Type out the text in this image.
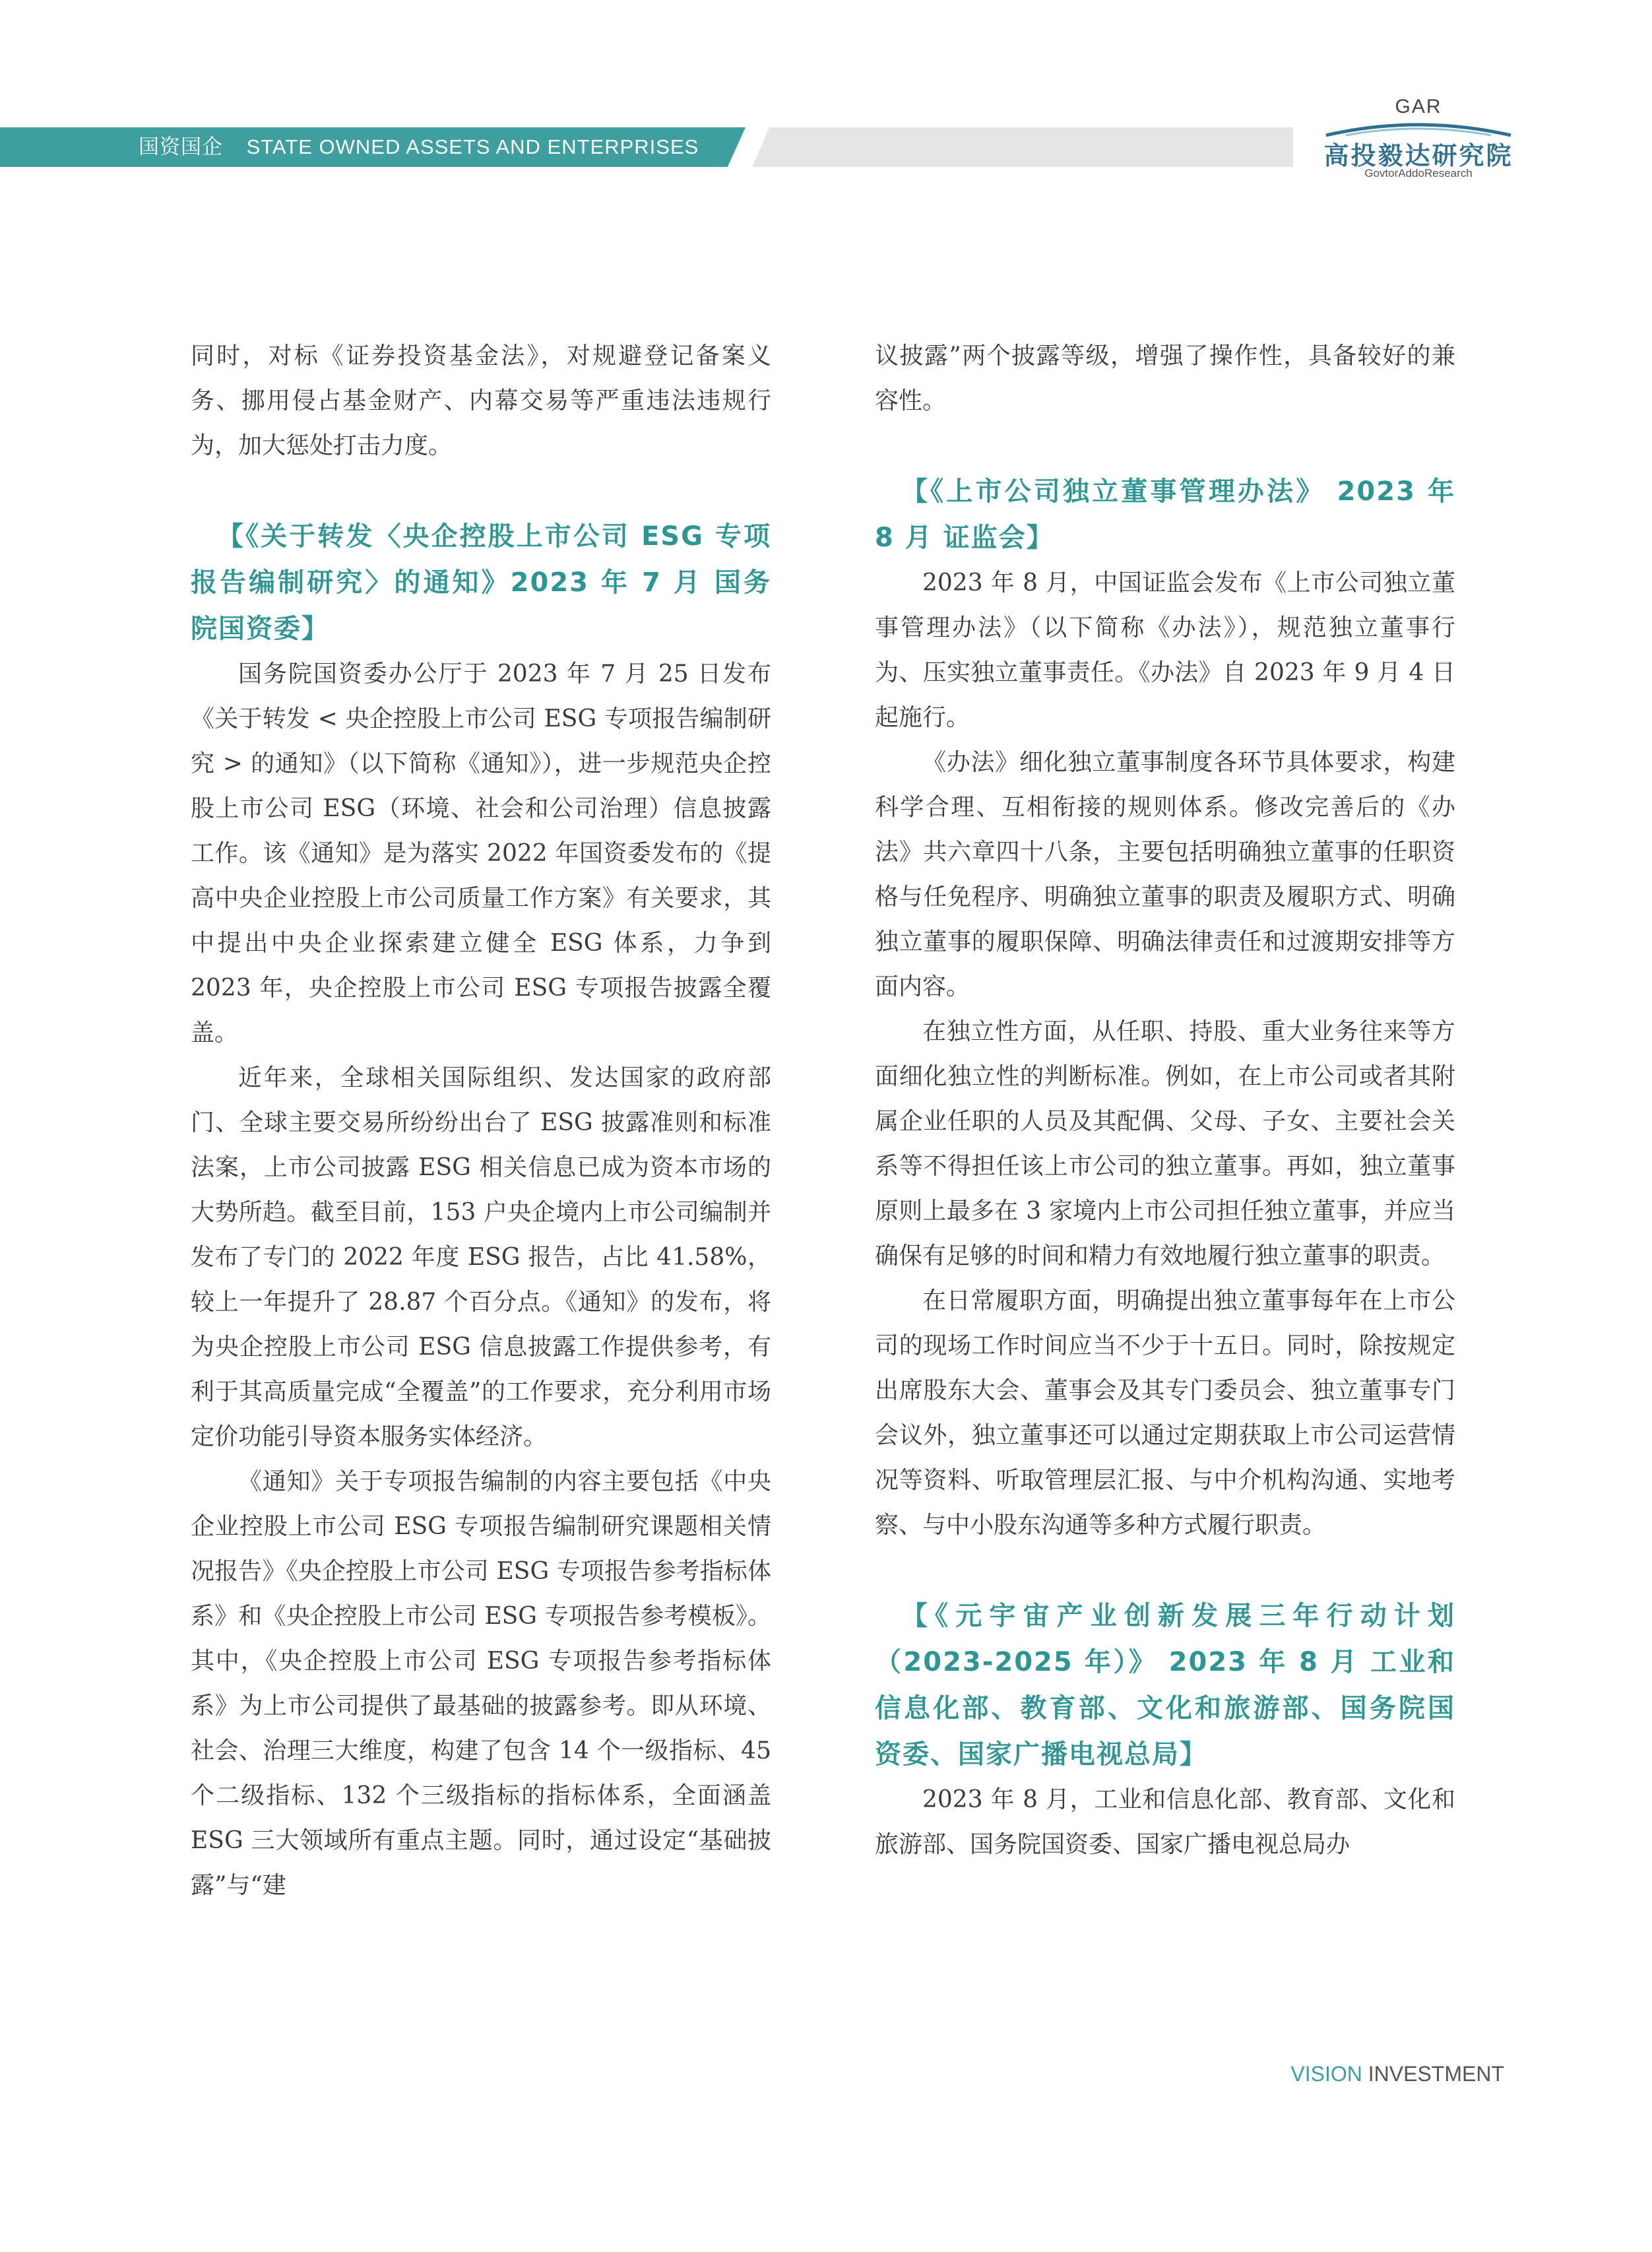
国资国企 STATE OWNED ASSETS AND ENTERPRISES
GAR
高投毅达研究院
GovtorAddoResearch

同时，对标《证券投资基金法》，对规避登记备案义务、挪用侵占基金财产、内幕交易等严重违法违规行为，加大惩处打击力度。

【《关于转发〈央企控股上市公司 ESG 专项报告编制研究〉的通知》2023 年 7 月 国务院国资委】

国务院国资委办公厅于 2023 年 7 月 25 日发布《关于转发 < 央企控股上市公司 ESG 专项报告编制研究 > 的通知》（以下简称《通知》），进一步规范央企控股上市公司 ESG（环境、社会和公司治理）信息披露工作。该《通知》是为落实 2022 年国资委发布的《提高中央企业控股上市公司质量工作方案》有关要求，其中提出中央企业探索建立健全 ESG 体系，力争到 2023 年，央企控股上市公司 ESG 专项报告披露全覆盖。

近年来，全球相关国际组织、发达国家的政府部门、全球主要交易所纷纷出台了 ESG 披露准则和标准法案，上市公司披露 ESG 相关信息已成为资本市场的大势所趋。截至目前，153 户央企境内上市公司编制并发布了专门的 2022 年度 ESG 报告，占比 41.58%，较上一年提升了 28.87 个百分点。《通知》的发布，将为央企控股上市公司 ESG 信息披露工作提供参考，有利于其高质量完成“全覆盖”的工作要求，充分利用市场定价功能引导资本服务实体经济。

《通知》关于专项报告编制的内容主要包括《中央企业控股上市公司 ESG 专项报告编制研究课题相关情况报告》《央企控股上市公司 ESG 专项报告参考指标体系》和《央企控股上市公司 ESG 专项报告参考模板》。其中，《央企控股上市公司 ESG 专项报告参考指标体系》为上市公司提供了最基础的披露参考。即从环境、社会、治理三大维度，构建了包含 14 个一级指标、45 个二级指标、132 个三级指标的指标体系，全面涵盖 ESG 三大领域所有重点主题。同时，通过设定“基础披露”与“建

议披露”两个披露等级，增强了操作性，具备较好的兼容性。

【《上市公司独立董事管理办法》 2023 年 8 月 证监会】

2023 年 8 月，中国证监会发布《上市公司独立董事管理办法》（以下简称《办法》），规范独立董事行为、压实独立董事责任。《办法》自 2023 年 9 月 4 日起施行。

《办法》细化独立董事制度各环节具体要求，构建科学合理、互相衔接的规则体系。修改完善后的《办法》共六章四十八条，主要包括明确独立董事的任职资格与任免程序、明确独立董事的职责及履职方式、明确独立董事的履职保障、明确法律责任和过渡期安排等方面内容。

在独立性方面，从任职、持股、重大业务往来等方面细化独立性的判断标准。例如，在上市公司或者其附属企业任职的人员及其配偶、父母、子女、主要社会关系等不得担任该上市公司的独立董事。再如，独立董事原则上最多在 3 家境内上市公司担任独立董事，并应当确保有足够的时间和精力有效地履行独立董事的职责。

在日常履职方面，明确提出独立董事每年在上市公司的现场工作时间应当不少于十五日。同时，除按规定出席股东大会、董事会及其专门委员会、独立董事专门会议外，独立董事还可以通过定期获取上市公司运营情况等资料、听取管理层汇报、与中介机构沟通、实地考察、与中小股东沟通等多种方式履行职责。

【《元宇宙产业创新发展三年行动计划（2023-2025 年）》 2023 年 8 月 工业和信息化部、教育部、文化和旅游部、国务院国资委、国家广播电视总局】

2023 年 8 月，工业和信息化部、教育部、文化和旅游部、国务院国资委、国家广播电视总局办

VISION INVESTMENT
